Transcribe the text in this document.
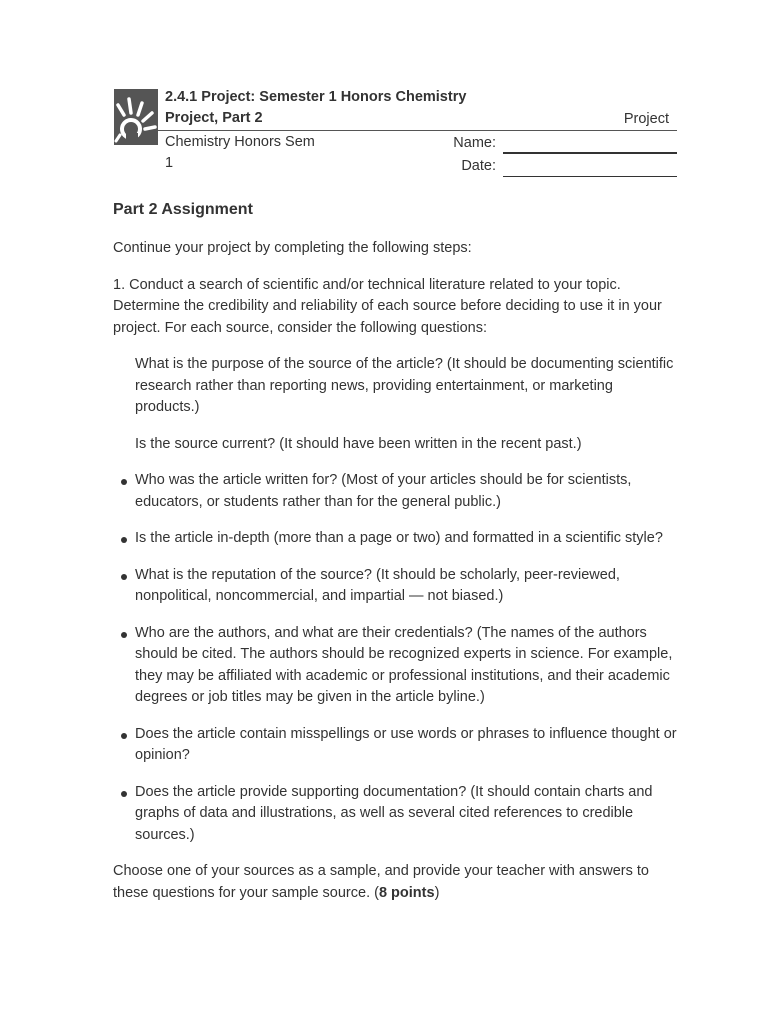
2.4.1 Project: Semester 1 Honors Chemistry
Project, Part 2	Project
Chemistry Honors Sem
1
Name:
Date:
Part 2 Assignment

Continue your project by completing the following steps:

1. Conduct a search of scientific and/or technical literature related to your topic. Determine the credibility and reliability of each source before deciding to use it in your project. For each source, consider the following questions:

What is the purpose of the source of the article? (It should be documenting scientific research rather than reporting news, providing entertainment, or marketing products.)

Is the source current? (It should have been written in the recent past.)

Who was the article written for? (Most of your articles should be for scientists, educators, or students rather than for the general public.)
Is the article in-depth (more than a page or two) and formatted in a scientific style?
What is the reputation of the source? (It should be scholarly, peer-reviewed, nonpolitical, noncommercial, and impartial — not biased.)
Who are the authors, and what are their credentials? (The names of the authors should be cited. The authors should be recognized experts in science. For example, they may be affiliated with academic or professional institutions, and their academic degrees or job titles may be given in the article byline.)
Does the article contain misspellings or use words or phrases to influence thought or opinion?
Does the article provide supporting documentation? (It should contain charts and graphs of data and illustrations, as well as several cited references to credible sources.)

Choose one of your sources as a sample, and provide your teacher with answers to these questions for your sample source. (8 points)
